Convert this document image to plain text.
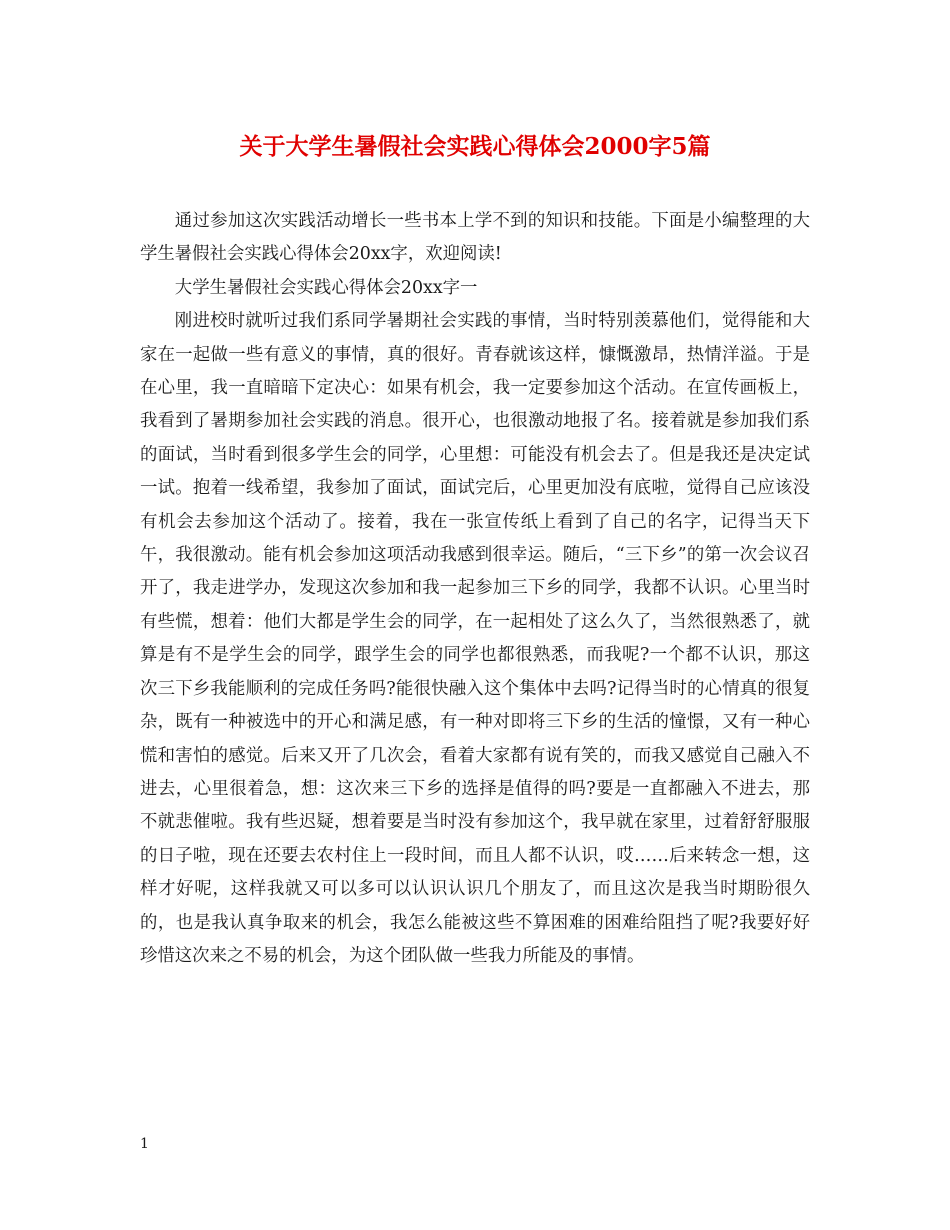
关于大学生暑假社会实践心得体会2000字5篇

通过参加这次实践活动增长一些书本上学不到的知识和技能。下面是小编整理的大学生暑假社会实践心得体会20xx字，欢迎阅读!

大学生暑假社会实践心得体会20xx字一

刚进校时就听过我们系同学暑期社会实践的事情，当时特别羡慕他们，觉得能和大家在一起做一些有意义的事情，真的很好。青春就该这样，慷慨激昂，热情洋溢。于是在心里，我一直暗暗下定决心：如果有机会，我一定要参加这个活动。在宣传画板上，我看到了暑期参加社会实践的消息。很开心，也很激动地报了名。接着就是参加我们系的面试，当时看到很多学生会的同学，心里想：可能没有机会去了。但是我还是决定试一试。抱着一线希望，我参加了面试，面试完后，心里更加没有底啦，觉得自己应该没有机会去参加这个活动了。接着，我在一张宣传纸上看到了自己的名字，记得当天下午，我很激动。能有机会参加这项活动我感到很幸运。随后，“三下乡”的第一次会议召开了，我走进学办，发现这次参加和我一起参加三下乡的同学，我都不认识。心里当时有些慌，想着：他们大都是学生会的同学，在一起相处了这么久了，当然很熟悉了，就算是有不是学生会的同学，跟学生会的同学也都很熟悉，而我呢?一个都不认识，那这次三下乡我能顺利的完成任务吗?能很快融入这个集体中去吗?记得当时的心情真的很复杂，既有一种被选中的开心和满足感，有一种对即将三下乡的生活的憧憬，又有一种心慌和害怕的感觉。后来又开了几次会，看着大家都有说有笑的，而我又感觉自己融入不进去，心里很着急，想：这次来三下乡的选择是值得的吗?要是一直都融入不进去，那不就悲催啦。我有些迟疑，想着要是当时没有参加这个，我早就在家里，过着舒舒服服的日子啦，现在还要去农村住上一段时间，而且人都不认识，哎……后来转念一想，这样才好呢，这样我就又可以多可以认识认识几个朋友了，而且这次是我当时期盼很久的，也是我认真争取来的机会，我怎么能被这些不算困难的困难给阻挡了呢?我要好好珍惜这次来之不易的机会，为这个团队做一些我力所能及的事情。

1
